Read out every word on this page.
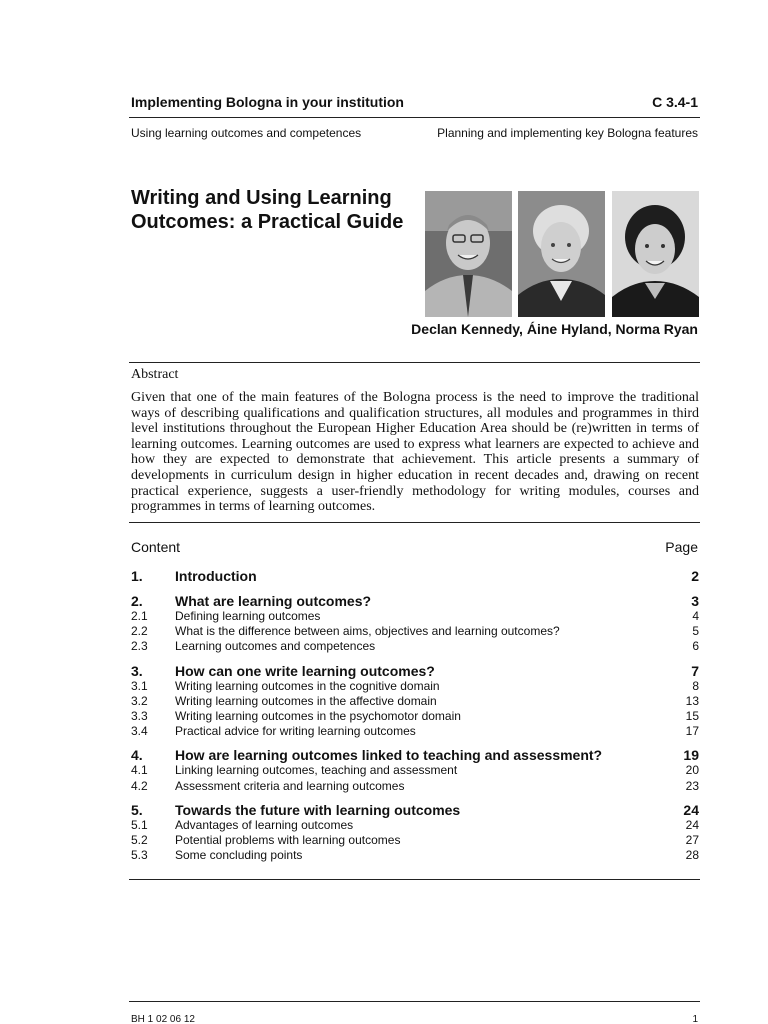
Implementing Bologna in your institution	C 3.4-1
Using learning outcomes and competences	Planning and implementing key Bologna features
Writing and Using Learning Outcomes: a Practical Guide
Declan Kennedy, Áine Hyland, Norma Ryan
Abstract
Given that one of the main features of the Bologna process is the need to improve the traditional ways of describing qualifications and qualification structures, all modules and programmes in third level institutions throughout the European Higher Education Area should be (re)written in terms of learning outcomes. Learning outcomes are used to express what learners are expected to achieve and how they are expected to demonstrate that achievement. This article presents a summary of developments in curriculum design in higher education in recent decades and, drawing on recent practical experience, suggests a user-friendly methodology for writing modules, courses and programmes in terms of learning outcomes.
Content	Page
1.	Introduction	2
2.	What are learning outcomes?	3
2.1	Defining learning outcomes	4
2.2	What is the difference between aims, objectives and learning outcomes?	5
2.3	Learning outcomes and competences	6
3.	How can one write learning outcomes?	7
3.1	Writing learning outcomes in the cognitive domain	8
3.2	Writing learning outcomes in the affective domain	13
3.3	Writing learning outcomes in the psychomotor domain	15
3.4	Practical advice for writing learning outcomes	17
4.	How are learning outcomes linked to teaching and assessment?	19
4.1	Linking learning outcomes, teaching and assessment	20
4.2	Assessment criteria and learning outcomes	23
5.	Towards the future with learning outcomes	24
5.1	Advantages of learning outcomes	24
5.2	Potential problems with learning outcomes	27
5.3	Some concluding points	28
BH 1 02 06 12	1
